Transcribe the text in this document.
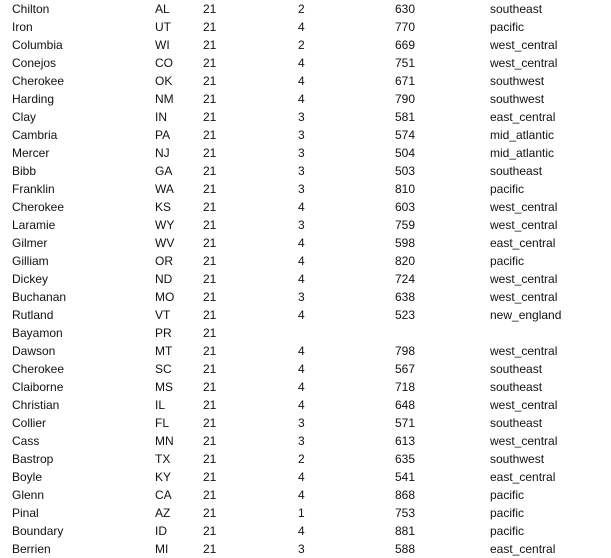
Chilton	AL	21	2	630	southeast
Iron	UT	21	4	770	pacific
Columbia	WI	21	2	669	west_central
Conejos	CO	21	4	751	west_central
Cherokee	OK	21	4	671	southwest
Harding	NM 21	4	790	southwest
Clay	IN	21	3	581	east_central
Cambria	PA	21	3	574	mid_atlantic
Mercer	NJ	21	3	504	mid_atlantic
Bibb	GA	21	3	503	southeast
Franklin	WA 21	3	810	pacific
Cherokee	KS	21	4	603	west_central
Laramie	WY 21	3	759	west_central
Gilmer	WV 21	4	598	east_central
Gilliam	OR	21	4	820	pacific
Dickey	ND	21	4	724	west_central
Buchanan	MO 21	3	638	west_central
Rutland	VT	21	4	523	new_england
Bayamon	PR	21
Dawson	MT	21	4	798	west_central
Cherokee	SC	21	4	567	southeast
Claiborne	MS	21	4	718	southeast
Christian	IL	21	4	648	west_central
Collier	FL	21	3	571	southeast
Cass	MN 21	3	613	west_central
Bastrop	TX	21	2	635	southwest
Boyle	KY	21	4	541	east_central
Glenn	CA	21	4	868	pacific
Pinal	AZ	21	1	753	pacific
Boundary	ID	21	4	881	pacific
Berrien	MI	21	3	588	east_central
